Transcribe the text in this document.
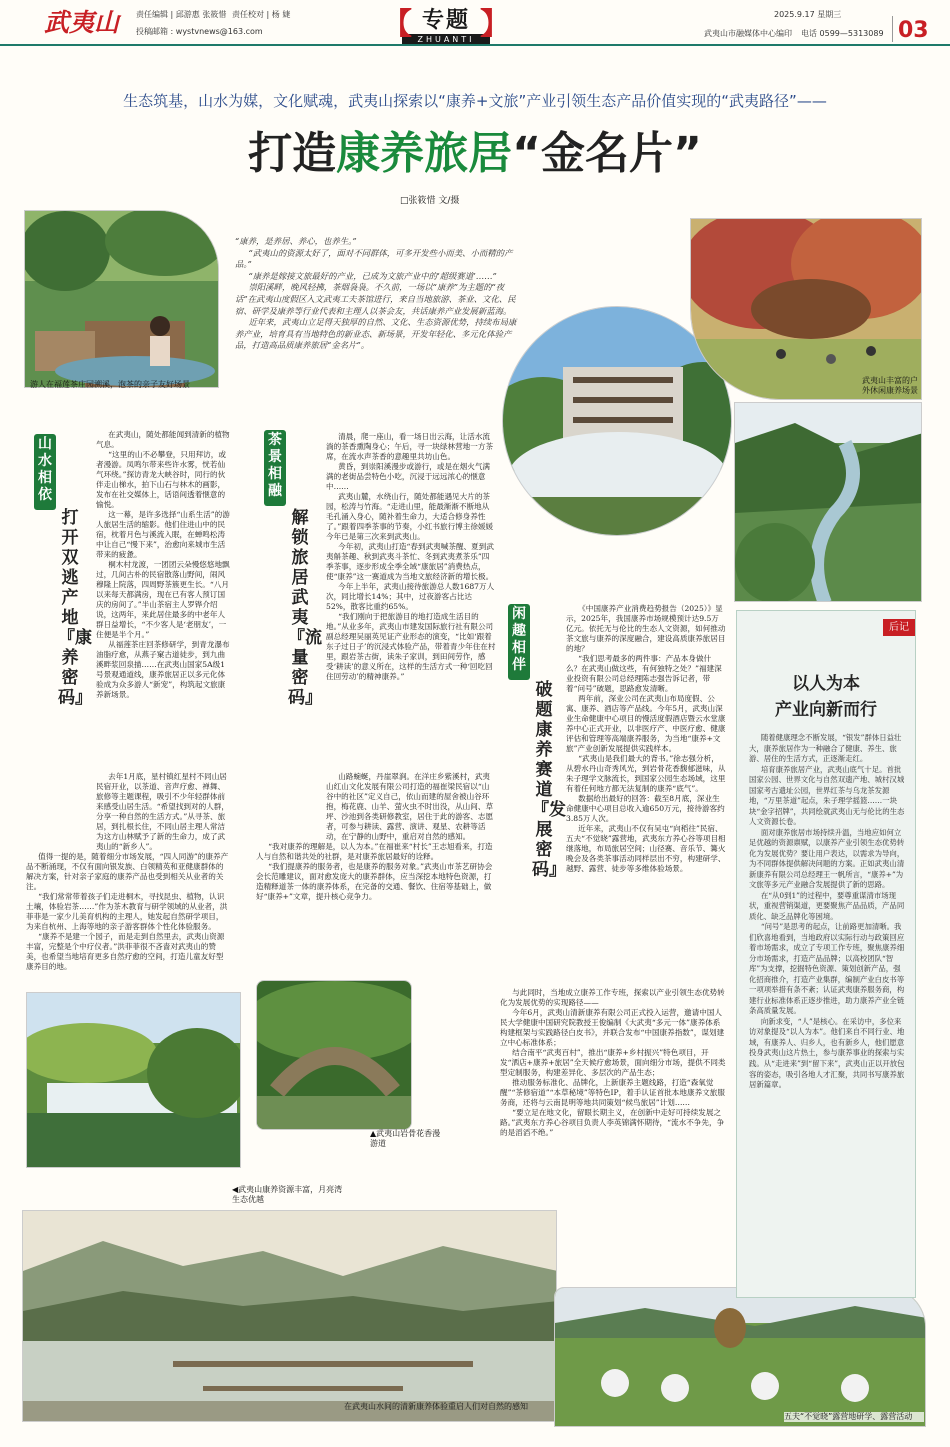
武夷山	责任编辑 | 邱游惠 张筱惜 责任校对 | 杨 婕
投稿邮箱 : wystvnews@163.com	【 专题
ZHUANTI 】	2025.9.17 星期三
武夷山市融媒体中心编印 电话 0599—5313089 03
生态筑基，山水为媒，文化赋魂，武夷山探索以“康养+文旅”产业引领生态产品价值实现的“武夷路径”——
打造康养旅居“金名片”
□张筱惜 文/摄
游人在福莲茶庄园溯溪，泡茶的亲子友好场景	武夷山丰富的户外休闲康养场景
▲武夷山岩骨花香漫游道
◀武夷山康养资源丰富，月亮湾生态优越
在武夷山水间的清新康养体验重启人们对自然的感知
五夫“不觉晓”露营地研学、露营活动

“康养，是养居、养心，也养生。”

“武夷山的资源太好了，面对不同群体，可多开发些小而美、小而精的产品。”

“康养是嫁接文旅最好的产业，已成为文旅产业中的‘超级赛道’……”

崇阳溪畔，晚风轻拂，茶烟袅袅。不久前，一场以“康养”为主题的“夜话”在武夷山度假区入文武夷工夫茶馆进行，来自当地旅游、茶业、文化、民宿、研学及康养等行业代表和主理人以茶会友，共话康养产业发展新蓝海。

近年来，武夷山立足得天独厚的自然、文化、生态资源优势，持续布局康养产业，培育具有当地特色的新业态、新场景，开发年轻化、多元化体验产品，打造高品质康养旅居“金名片”。

山水相依
打开双逃产地『康养密码』

在武夷山，随处都能闻到清新的植物气息。

“这里的山不必攀登，只用拜访，或者漫游。凤鸣尔带来些许水雾，恍若仙气环绕。”探访青龙大峡谷时，同行的伙伴走山梯水，拍下山石与林木的画影，发布在社交媒体上，话语间透着惬意的愉悦。

这一幕，是许多选择“山系生活”的游人旅居生活的缩影。他们住进山中的民宿，枕着月色与溪流入眠，在蝉鸣松涛中让自己“慢下来”，治愈向来城市生活带来的疲惫。

桐木村龙渡，一团团云朵慢悠悠地飘过，几间古朴的民宿散落山野间，闹风穆隆上院落，四周野茶簇更生长。“八月以来每天都满房，现在已有客人预订国庆的房间了。”半山茶宿主人罗铧介绍说，这两年，来此居住最多的中老年人群日益增长，“不少客人是‘老朋友’，一住便是半个月。”

从福莲茶庄回茶修研学，到青龙瀑布油脂疗愈，从燕子窠古道徒步，到九曲溪畔浆回泉描……在武夷山国家5A级1号景观通道线，康养旅居正以多元化体验成为众多游人“新宠”，构筑起文旅康养新场景。

去年1月底，星村镇红星村不同山居民宿开业，以茶道、音声疗愈、禅舞、旅修等主题课程，吸引不少年轻群体前来感受山居生活。“希望找到对的人群，分享一种自然的生活方式。”从寻茶、旅居，到扎根长住，不同山居主理人常洁为这方山林赋予了新的生命力，成了武夷山的“新乡人”。

值得一提的是，随着细分市场发展，“四人同游”的康养产品不断涌现，不仅有面向银发族、白领精英和亚健康群体的解决方案，针对亲子家庭的康养产品也受到相关从业者的关注。

“我们常常带着孩子们走进桐木，寻找昆虫、植物，认识土壤，体验岩茶……”作为茶木教育与研学领域的从业者，洪菲菲是一家少儿美育机构的主理人，她发起自然研学项目，为来自杭州、上海等地的亲子游客群体个性化体验服务。

“康养不是建一个园子，而是走到自然里去，武夷山资源丰富，完整是个中疗仪者。”洪菲菲很不吝啬对武夷山的赞美，也希望当地培育更多自然疗愈的空间，打造儿童友好型康养目的地。

茶景相融
解锁旅居武夷『流量密码』

清晨，爬一座山，看一场日出云海，让活水流淌的茶香熏陶身心；午后，寻一块绿林营地一方茶席，在流水声茶香的意趣里共坊山色。

黄昏，到崇阳溪漫步或游行，或是在烟火气满满的老街品尝特色小吃，沉浸于远远浓心的惬意中……

武夷山麓，水绕山行，随处都能遇见大片的茶园，松涛与竹海。“走进山里，能最渐渐不断地从毛孔涌入身心，随补着生命力，大适合修身养性了。”跟着四季茶事的节奏，小红书旅行博主徐媛媛今年已是第三次来到武夷山。

今年初，武夷山打造“春到武夷喊茶醒、夏到武夷斛茶趣、秋到武夷斗茶忙、冬到武夷煮茶乐”四季茶事，逐步形成全季全域“康旅居”消费热点，使“康养”这一赛道成为当地文旅经济新的增长极。

今年上半年，武夷山接待旅游总人数1687万人次，同比增长14%；其中，过夜游客占比达52%，散客比重约65%。

“我们刚向于把旅游目的地打造成生活目的地。”从业多年，武夷山市建发国际旅行社有限公司副总经理吴丽英见证产业形态的演变，“比如‘跟着东子过日子’的沉浸式体验产品，带着青少年住在村里，跟岩茶古街，读朱子家训，到田间劳作，感受‘耕读’的意义所在，这样的生活方式一种‘回吃回住回劳动’的精神康养。”

山路蜿蜒，丹崖翠涧。在洋庄乡紫溪村，武夷山红山文化发展有限公司打造的福崔梁民宿以“山谷中的社区”定义自己，依山而建的屋舍被山谷环抱，梅花鹿、山羊、萤火虫不时出没，从山间、草坪、沙池到各类研修教室，居住于此的游客、志愿者，可参与耕读、露营、演讲、观星、农耕等活动，在宁静的山野中，重启对自然的感知。

“我对康养的理解是，以人为本。”在福崔来“村长”王志旭看来，打造人与自然和谐共处的社群，是对康养旅居最好的诠释。

“我们提康养的服务者，也是康养的服务对象。”武夷山市茶艺研协会会长范雕建议，面对愈发庞大的康养群体，应当深挖本地特色资源，打造精释道茶一体的康养体系，在完备的交通、餐饮、住宿等基础上，做好“康养+”文章，提升核心竞争力。

闲趣相伴
破题康养赛道『发展密码』

《中国康养产业消费趋势报告（2025）》显示，2025年，我国康养市场规模预计达9.5万亿元。依托无与伦比的生态人文资源，如何推动茶文旅与康养的深度融合，建设高质康养旅居目的地？

“我们思考最多的两件事：产品本身做什么？在武夷山做这些，有何独特之处？”福建深业投资有限公司总经理陈志强告诉记者，带着“问号”破题，思路愈发清晰。

两年前，深业公司在武夷山布局度假、公寓、康养、酒店等产品线。今年5月，武夷山深业生命健康中心项目的慢活度假酒店暨云水堂康养中心正式开业，以非医疗产、中医疗愈、健康评估和管理等高端康养服务，为当地“康养+文旅”产业创新发展提供实践样本。

“武夷山是我们最大的背书。”徐志强分析，从碧水丹山奇秀风光，到岩骨花香馥郁滋味，从朱子理学文脉流长，到国家公园生态场域，这里有着任何地方都无法复制的康养“底气”。

数据给出最好的回答：截至8月底，深业生命健康中心项目总收入逾650万元，接待游客约3.85万人次。

近年来，武夷山不仅有吴屯“向稻往”民宿、五夫“不觉晓”露营地，武夷东方养心谷等项目相继落地，布局旅居空间；山径赛、音乐节、篝火晚会及各类茶事活动同样层出不穷，构建研学、越野、露营、徒步等多维体验场景。

与此同时，当地成立康养工作专班，探索以产业引领生态优势转化为发展优势的实现路径——

今年6月，武夷山清新康养有限公司正式投入运营，邀请中国人民大学健康中国研究院教授王俊编制《大武夷“多元一体”康养体系构建框架与实践路径白皮书》，并联合发布“中国康养指数”，谋划建立中心标准体系；

结合南平“武夷百村”，推出“康养+乡村振兴”特色项目，开发“洒店+康养+旅居”全天候疗愈场景，面向细分市场，提供不同类型定制服务，构建差异化、多层次的产品生态；

推动服务标准化、品牌化，上新康养主题线路，打造“森氧觉醒”“茶修宿道”“本草秘境”等特色IP，着手认证首批本地康养文旅服务商，还将与云南昆明等地共同策划“候鸟旅居”计划……

“要立足在地文化，留眼长期主义，在创新中走好可持续发展之路。”武夷东方养心谷项目负责人李英锦满怀期待，“流水不争先，争的是滔滔不绝。”

后记
以人为本
产业向新而行

随着健康理念不断发展，“银发”群体日益壮大，康养旅居作为一种融合了健康、养生、旅游、居住的生活方式，正逐渐走红。

培育康养旅居产业，武夷山底气十足。首批国家公园、世界文化与自然双遗产地、城村汉城国家考古遗址公园，世界红茶与乌龙茶发源地，“万里茶道”起点，朱子理学摇篮……一块块“金字招牌”，共同绘就武夷山无与伦比的生态人文资源长卷。

面对康养旅居市场持续升温，当地应如何立足优越的资源禀赋，以康养产业引领生态优势转化为发展优势？要让用户表达，以需求为导向，为不同群体提供解决问题的方案。正如武夷山清新康养有限公司总经理王一帆所言，“康养+”为文旅等多元产业融合发展提供了新的思路。

在“从0到1”的过程中，要尊重谋清市场现状，重视营销渠道，更要聚焦产品品质，产品同质化、缺乏品牌化等困境。

“问号”是思考的起点，让前路更加清晰。我们欣喜地看到，当地政府以实际行动与政策回应着市场需求，成立了专项工作专班，聚焦康养细分市场需求，打造产品品牌；以高校团队“智库”为支撑，挖掘特色资源、策划创新产品，强化招商推介，打造产业集群，编制产业白皮书等一项项举措有条不紊；认证武夷康养服务商，构建行业标准体系正逐步推进，助力康养产业全链条高质量发展。

向新求变，“人”是核心。在采访中，多位来访对象提及“以人为本”。他们来自不同行业、地域，有康养人、归乡人，也有新乡人，他们愿意投身武夷山这片热土，参与康养事业的探索与实践。从“走进来”到“留下来”，武夷山正以开放包容的姿态，吸引各地人才汇聚，共同书写康养旅居新篇章。
